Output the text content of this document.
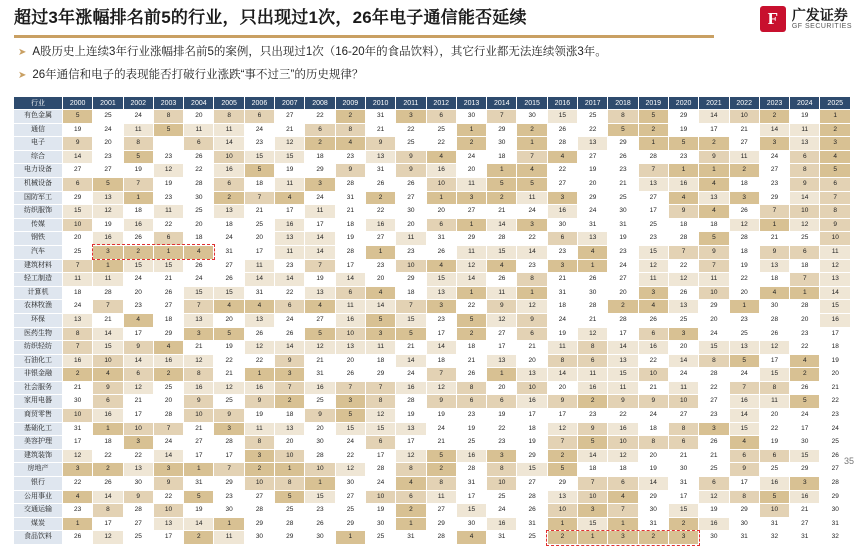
超过3年涨幅排名前5的行业，只出现过1次，26年电子通信能否延续	F 广发证券
GF SECURITIES
➤ A股历史上连续3年行业涨幅排名前5的案例，只出现过1次（16-20年的食品饮料），其它行业都无法连续领涨3年。
➤ 26年通信和电子的表现能否打破行业涨跌“事不过三”的历史规律？
行业	2000	2001	2002	2003	2004	2005	2006	2007	2008	2009	2010	2011	2012	2013	2014	2015	2016	2017	2018	2019	2020	2021	2022	2023	2024	2025
有色金属	5	25	24	8	20	8	6	27	22	2	31	3	6	30	7	30	15	25	8	5	29	14	10	2	19	1
通信	19	24	11	5	11	11	24	21	6	8	21	22	25	1	29	2	26	22	5	2	19	17	21	14	11	2
电子	9	20	8		6	14	23	12	2	4	9	25	22	2	30	1	28	13	29	1	5	2	27	3	13	3
综合	14	23	5	23	26	10	15	15	18	23	13	9	4	24	18	7	4	27	26	28	23	9	11	24	6	4
电力设备	27	27	19	12	22	16	5	19	29	9	31	9	16	20	1	4	22	19	23	7	1	1	2	27	8	5
机械设备	6	5	7	19	28	6	18	11	3	28	26	26	10	11	5	5	27	20	21	13	16	4	18	23	9	6
国防军工	29	13	1	23	30	2	7	4	24	31	2	27	1	3	2	11	3	29	25	27	4	13	3	29	14	7
纺织服饰	15	12	18	11	25	13	21	17	11	21	22	30	20	27	21	24	16	24	30	17	9	4	26	7	10	8
传媒	10	19	16	22	20	18	25	16	17	18	16	20	6	1	14	3	30	31	31	25	18	18	12	1	12	9
钢铁	20	16	26	6	18	24	20	13	14	19	27	11	31	29	28	22	6	13	19	23	28	5	28	21	25	10
汽车	25	3	2	1	4	31	17	11	14	28	1	23	26	11	15	14	23	4	23	15	7	9	18	9	6	11
建筑材料	7	1	15	15	26	27	11	23	7	17	23	10	4	12	4	23	3	1	24	12	22	7	19	13	18	12
轻工制造	11	11	24	21	24	26	14	14	19	14	20	29	15	14	26	8	21	26	27	11	12	11	22	18	7	13
计算机	18	28	20	26	15	15	31	22	13	6	4	18	13	1	11	1	31	30	20	3	26	10	20	4	1	14
农林牧渔	24	7	23	27	7	4	4	6	4	11	14	7	3	22	9	12	18	28	2	4	13	29	1	30	28	15
环保	13	21	4	18	13	20	13	24	27	16	5	15	23	5	12	9	24	21	28	26	25	20	23	28	20	16
医药生物	8	14	17	29	3	5	26	26	5	10	3	5	17	2	27	6	19	12	17	6	3	24	25	26	23	17
纺织轻纺	7	15	9	4	21	19	12	14	12	13	11	21	14	18	17	21	11	8	14	16	20	15	13	12	22	18
石油化工	16	10	14	16	12	22	22	9	21	20	18	14	18	21	13	20	8	6	13	22	14	8	5	17	4	19
非银金融	2	4	6	2	8	21	1	3	31	26	29	24	7	26	1	13	14	11	15	10	24	28	24	15	2	20
社会服务	21	9	12	25	16	12	16	7	16	7	7	16	12	8	20	10	20	16	11	21	11	22	7	8	26	21
家用电器	30	6	21	20	9	25	9	2	25	3	8	28	9	6	6	16	9	2	9	9	10	27	16	11	5	22
商贸零售	10	16	17	28	10	9	19	18	9	5	12	19	19	23	19	17	17	23	22	24	27	23	14	20	24	23
基础化工	31	1	10	7	21	3	11	13	20	15	15	13	24	19	22	18	12	9	16	18	8	3	15	22	17	24
美容护理	17	18	3	24	27	28	8	20	30	24	6	17	21	25	23	19	7	5	10	8	6	26	4	19	30	25
建筑装饰	12	22	22	14	17	17	3	10	28	22	17	12	5	16	3	29	2	14	12	20	21	21	6	6	15	26
房地产	3	2	13	3	1	7	2	1	10	12	28	8	2	28	8	15	5	18	18	19	30	25	9	25	29	27
银行	22	26	30	9	31	29	10	8	1	30	24	4	8	31	10	27	29	7	6	14	31	6	17	16	3	28
公用事业	4	14	9	22	5	23	27	5	15	27	10	6	11	17	25	28	13	10	4	29	17	12	8	5	16	29
交通运输	23	8	28	10	19	30	28	25	23	25	19	2	27	15	24	26	10	3	7	30	15	19	29	10	21	30
煤炭	1	17	27	13	14	1	29	28	26	29	30	1	29	30	16	31	1	15	1	31	2	16	30	31	27	31
食品饮料	26	12	25	17	2	11	30	29	30	1	25	31	28	4	31	25	2	1	3	2	3	30	31	32	31	32
35
